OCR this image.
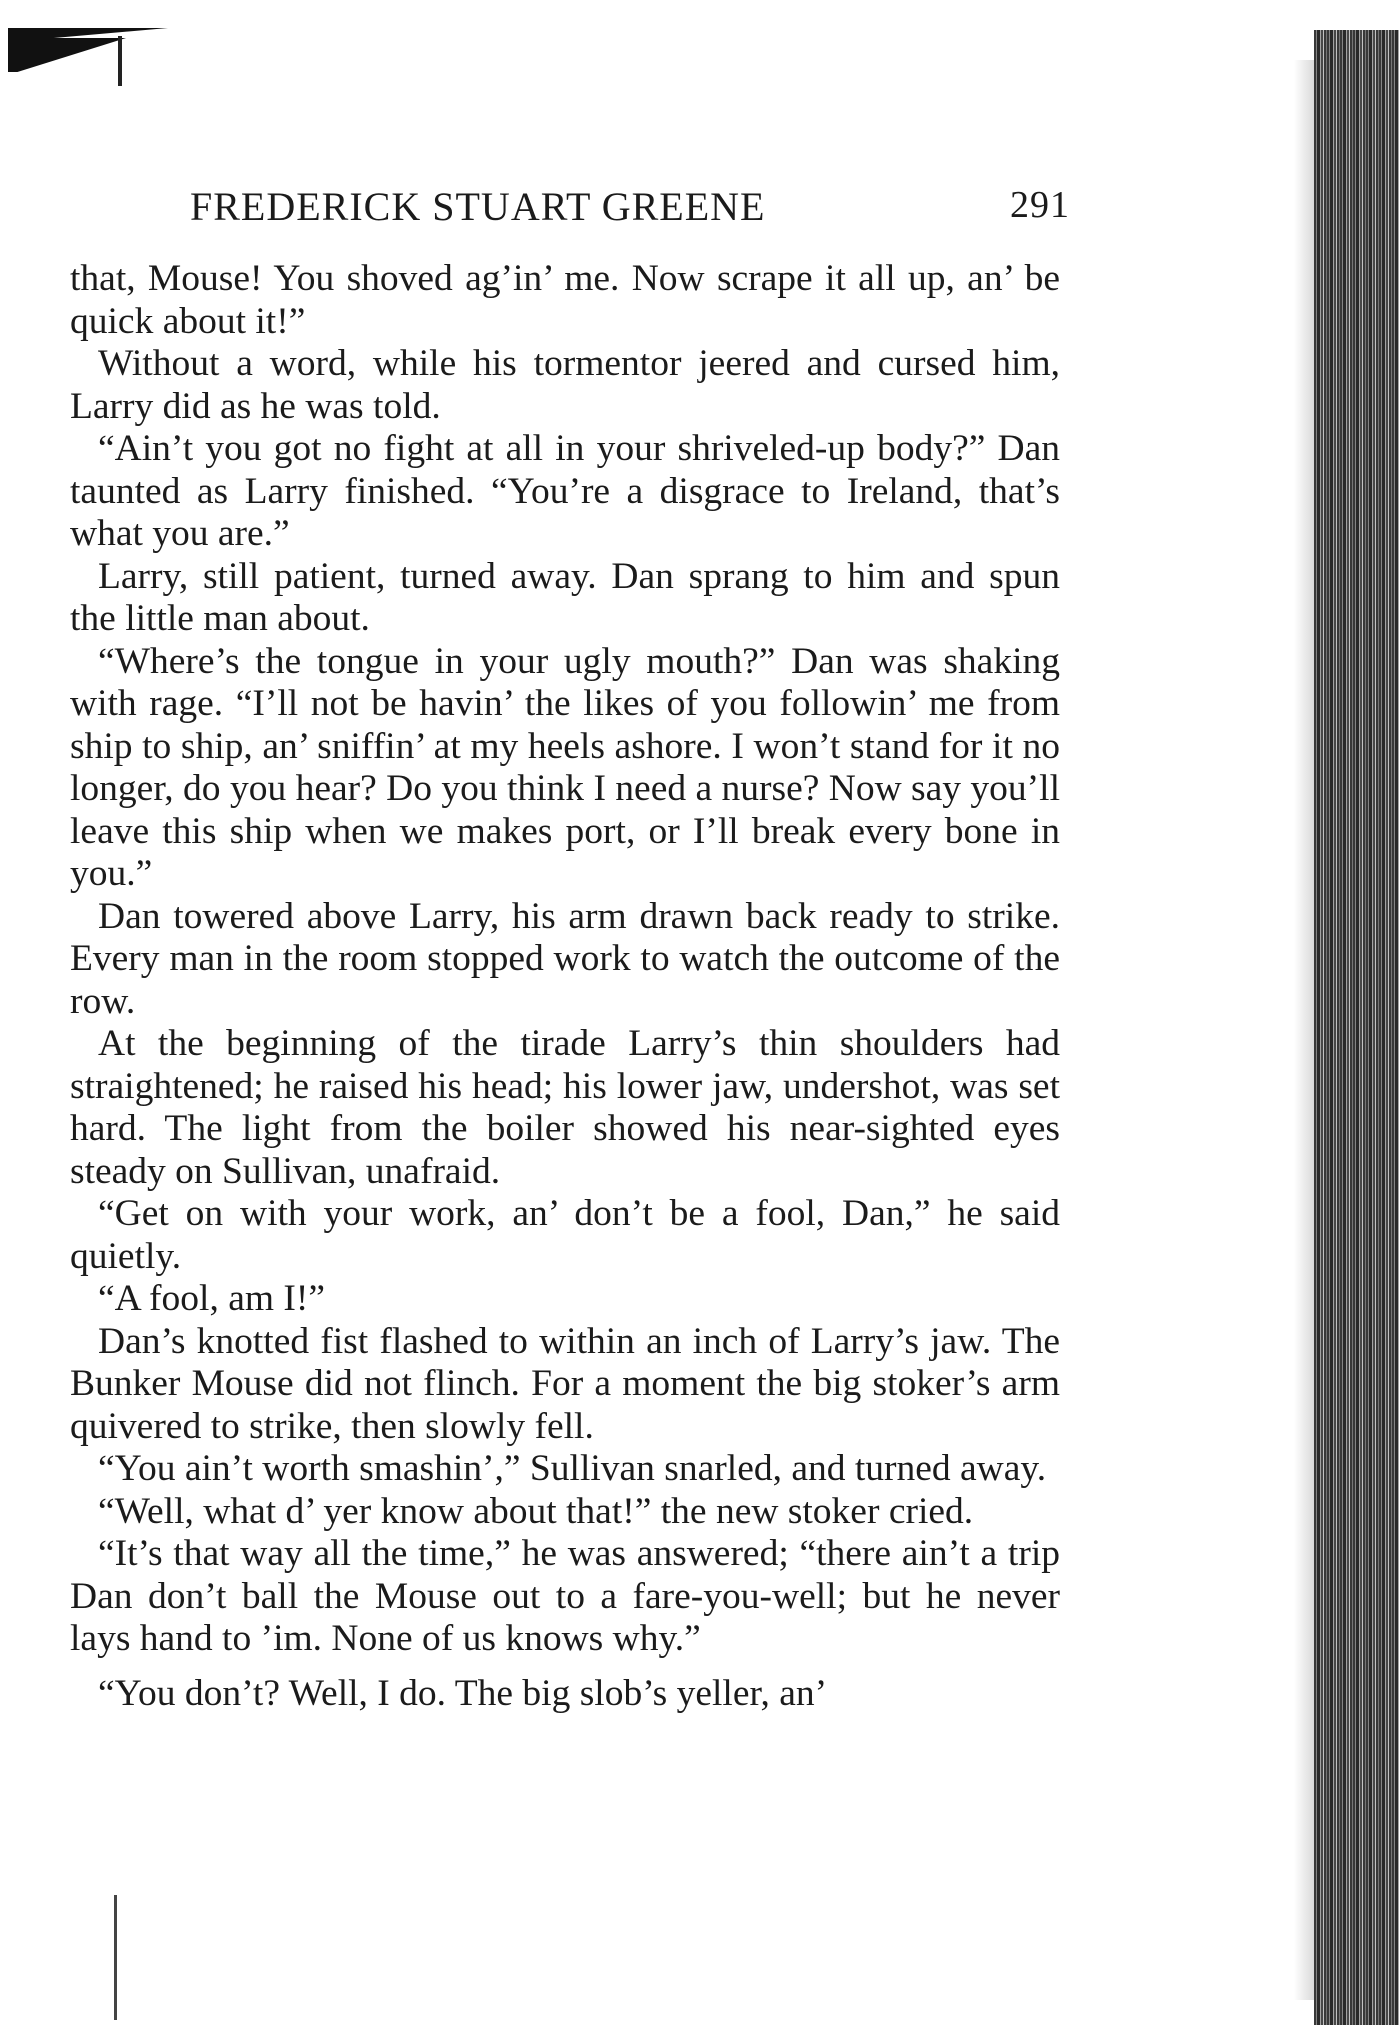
FREDERICK STUART GREENE	291

that, Mouse! You shoved ag’in’ me. Now scrape it all up, an’ be quick about it!”

Without a word, while his tormentor jeered and cursed him, Larry did as he was told.

“Ain’t you got no fight at all in your shriveled-up body?” Dan taunted as Larry finished. “You’re a disgrace to Ireland, that’s what you are.”

Larry, still patient, turned away. Dan sprang to him and spun the little man about.

“Where’s the tongue in your ugly mouth?” Dan was shaking with rage. “I’ll not be havin’ the likes of you followin’ me from ship to ship, an’ sniffin’ at my heels ashore. I won’t stand for it no longer, do you hear? Do you think I need a nurse? Now say you’ll leave this ship when we makes port, or I’ll break every bone in you.”

Dan towered above Larry, his arm drawn back ready to strike. Every man in the room stopped work to watch the outcome of the row.

At the beginning of the tirade Larry’s thin shoulders had straightened; he raised his head; his lower jaw, undershot, was set hard. The light from the boiler showed his near-sighted eyes steady on Sullivan, unafraid.

“Get on with your work, an’ don’t be a fool, Dan,” he said quietly.

“A fool, am I!”

Dan’s knotted fist flashed to within an inch of Larry’s jaw. The Bunker Mouse did not flinch. For a moment the big stoker’s arm quivered to strike, then slowly fell.

“You ain’t worth smashin’,” Sullivan snarled, and turned away.

“Well, what d’ yer know about that!” the new stoker cried.

“It’s that way all the time,” he was answered; “there ain’t a trip Dan don’t ball the Mouse out to a fare-you-well; but he never lays hand to ’im. None of us knows why.”

“You don’t? Well, I do. The big slob’s yeller, an’
